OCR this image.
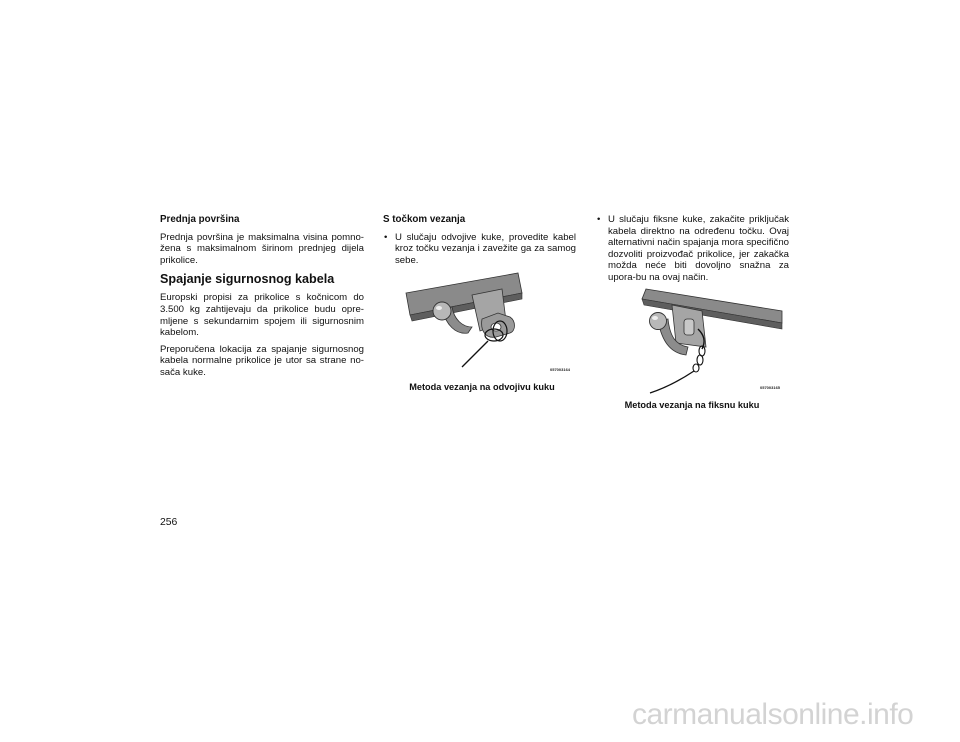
Prednja površina

Prednja površina je maksimalna visina pomno-žena s maksimalnom širinom prednjeg dijela prikolice.

Spajanje sigurnosnog kabela

Europski propisi za prikolice s kočnicom do 3.500 kg zahtijevaju da prikolice budu opre-mljene s sekundarnim spojem ili sigurnosnim kabelom.

Preporučena lokacija za spajanje sigurnosnog kabela normalne prikolice je utor sa strane no-sača kuke.

S točkom vezanja
• U slučaju odvojive kuke, provedite kabel kroz točku vezanja i zavežite ga za samog sebe.
057003164
Metoda vezanja na odvojivu kuku
• U slučaju fiksne kuke, zakačite priključak kabela direktno na određenu točku. Ovaj alternativni način spajanja mora specifično dozvoliti proizvođač prikolice, jer zakačka možda neće biti dovoljno snažna za upora-bu na ovaj način.
057003165
Metoda vezanja na fiksnu kuku
256
carmanualsonline.info
